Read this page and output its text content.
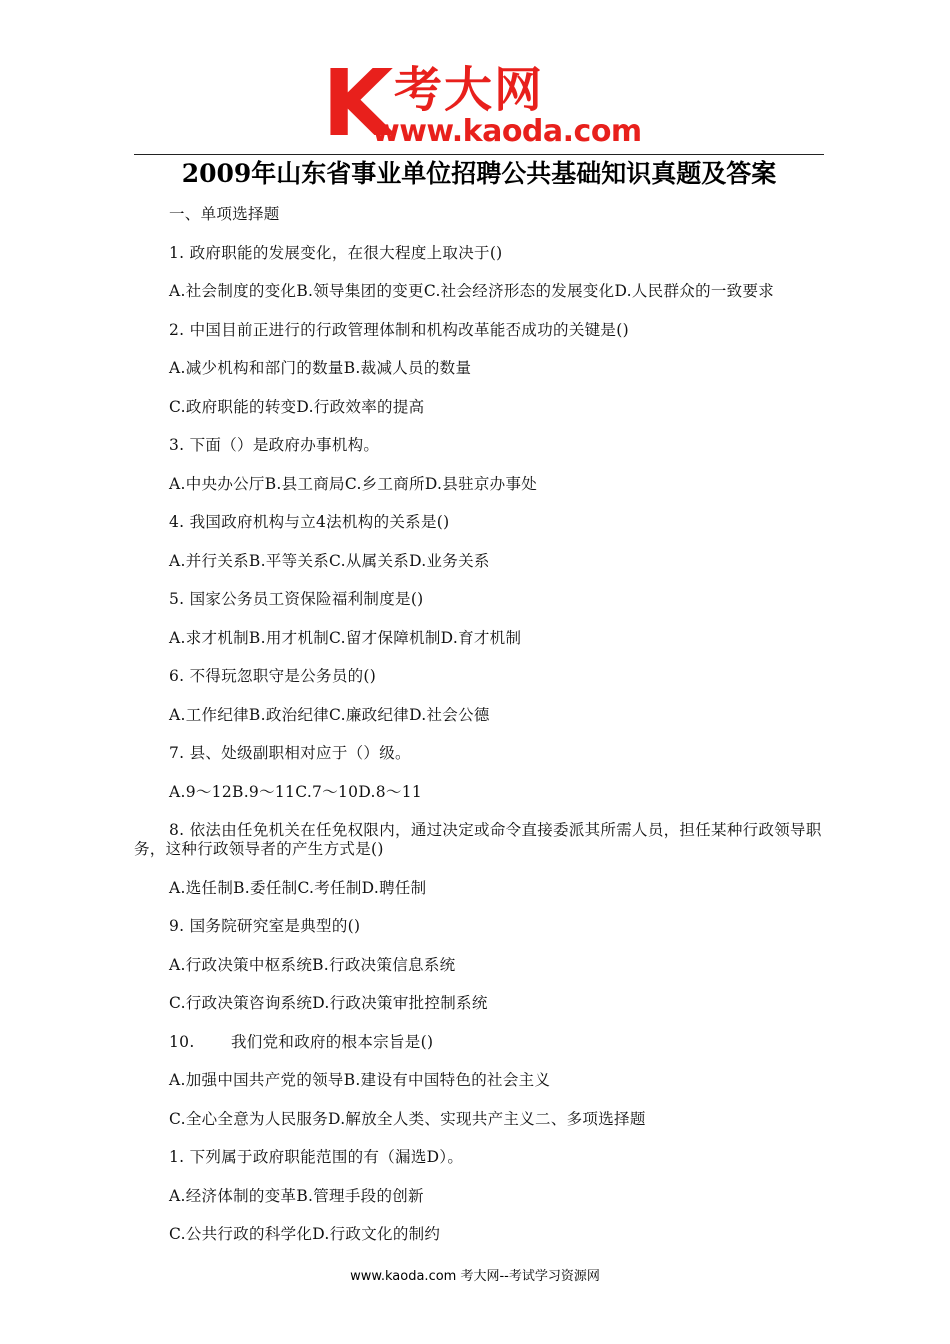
K 考大网
www.kaoda.com
2009年山东省事业单位招聘公共基础知识真题及答案

一、单项选择题

1. 政府职能的发展变化，在很大程度上取决于()

A.社会制度的变化B.领导集团的变更C.社会经济形态的发展变化D.人民群众的一致要求

2. 中国目前正进行的行政管理体制和机构改革能否成功的关键是()

A.减少机构和部门的数量B.裁减人员的数量

C.政府职能的转变D.行政效率的提高

3. 下面（）是政府办事机构。

A.中央办公厅B.县工商局C.乡工商所D.县驻京办事处

4. 我国政府机构与立4法机构的关系是()

A.并行关系B.平等关系C.从属关系D.业务关系

5. 国家公务员工资保险福利制度是()

A.求才机制B.用才机制C.留才保障机制D.育才机制

6. 不得玩忽职守是公务员的()

A.工作纪律B.政治纪律C.廉政纪律D.社会公德

7. 县、处级副职相对应于（）级。

A.9～12B.9～11C.7～10D.8～11

8. 依法由任免机关在任免权限内，通过决定或命令直接委派其所需人员，担任某种行政领导职务，这种行政领导者的产生方式是()

A.选任制B.委任制C.考任制D.聘任制

9. 国务院研究室是典型的()

A.行政决策中枢系统B.行政决策信息系统

C.行政决策咨询系统D.行政决策审批控制系统

10. 我们党和政府的根本宗旨是()

A.加强中国共产党的领导B.建设有中国特色的社会主义

C.全心全意为人民服务D.解放全人类、实现共产主义二、多项选择题

1. 下列属于政府职能范围的有（漏选D）。

A.经济体制的变革B.管理手段的创新

C.公共行政的科学化D.行政文化的制约

www.kaoda.com 考大网--考试学习资源网
